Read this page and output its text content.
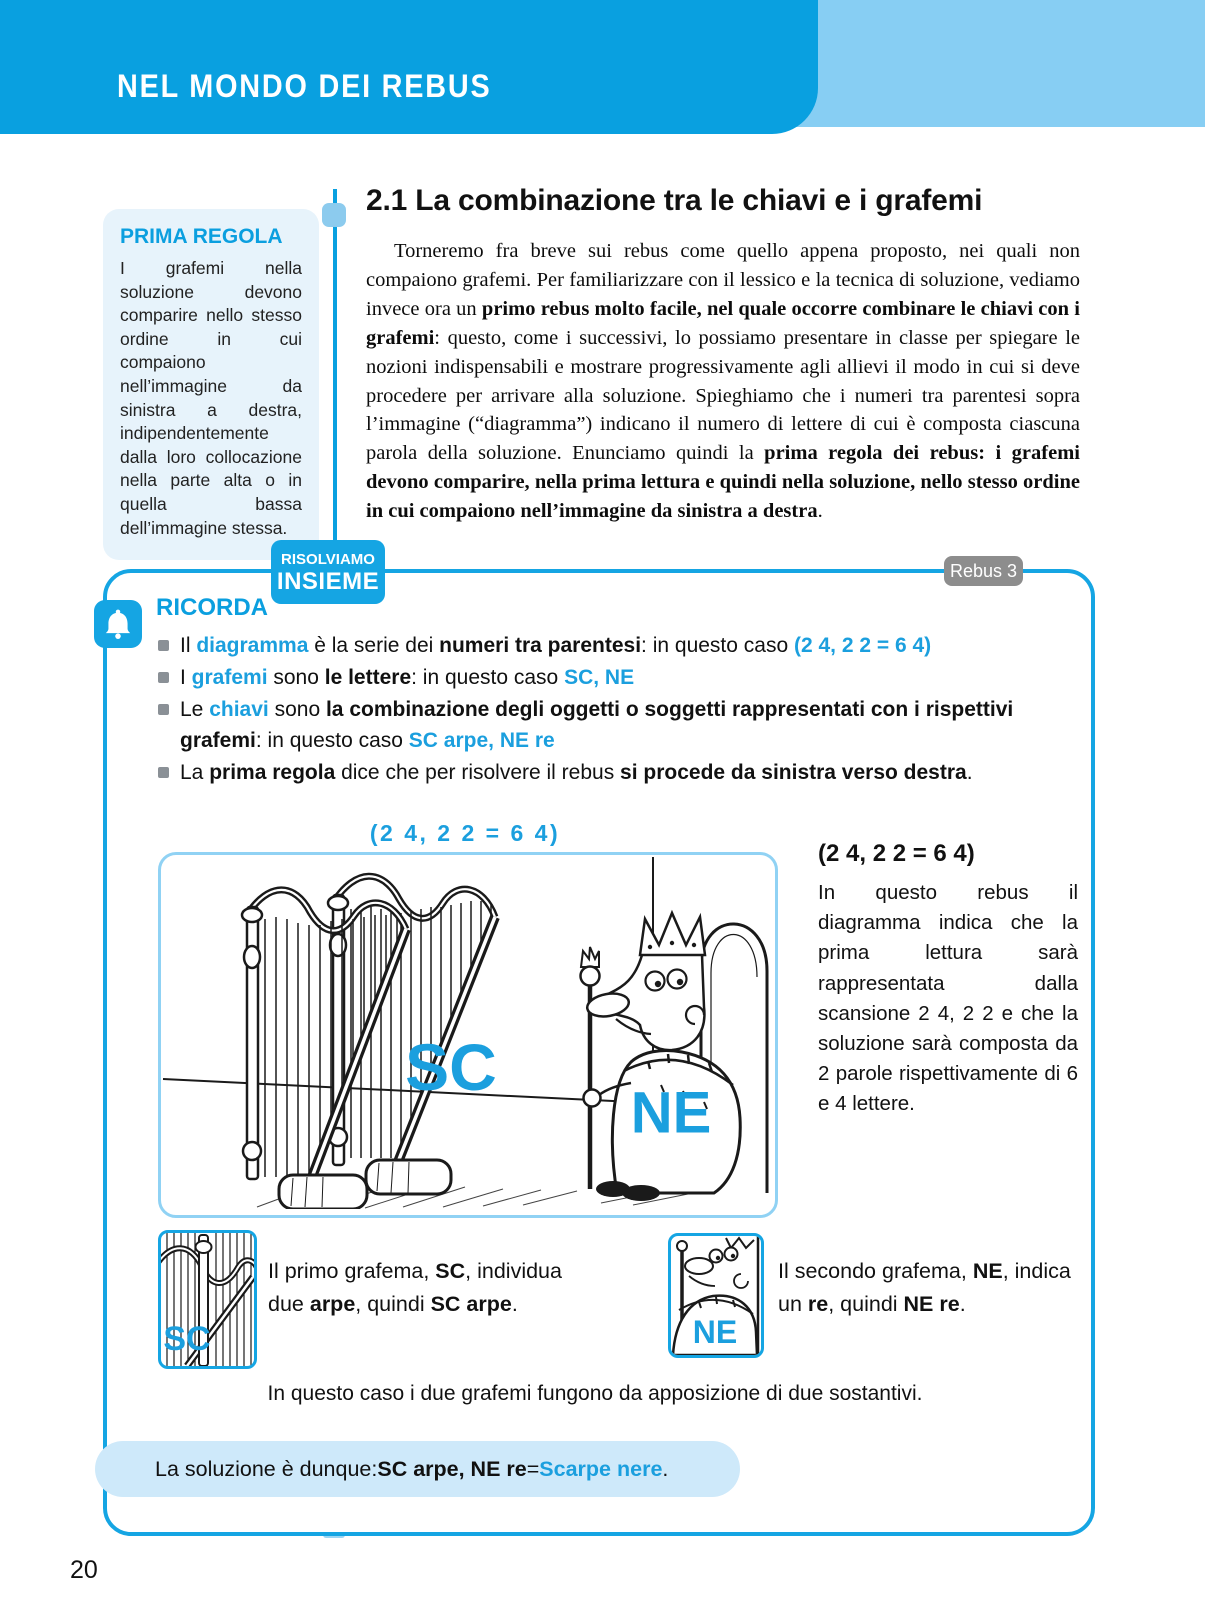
NEL MONDO DEI REBUS
2.1 La combinazione tra le chiavi e i grafemi
PRIMA REGOLA
I grafemi nella soluzione devono comparire nello stesso ordine in cui compaiono nell’immagine da sinistra a destra, indipendentemente dalla loro collocazione nella parte alta o in quella bassa dell’immagine stessa.

Torneremo fra breve sui rebus come quello appena proposto, nei quali non compaiono grafemi. Per familiarizzare con il lessico e la tecnica di soluzione, vediamo invece ora un primo rebus molto facile, nel quale occorre combinare le chiavi con i grafemi: questo, come i successivi, lo possiamo presentare in classe per spiegare le nozioni indispensabili e mostrare progressivamente agli allievi il modo in cui si deve procedere per arrivare alla soluzione. Spieghiamo che i numeri tra parentesi sopra l’immagine (“diagramma”) indicano il numero di lettere di cui è composta ciascuna parola della soluzione. Enunciamo quindi la prima regola dei rebus: i grafemi devono comparire, nella prima lettura e quindi nella soluzione, nello stesso ordine in cui compaiono nell’immagine da sinistra a destra.

RISOLVIAMO
INSIEME	Rebus 3
RICORDA
Il diagramma è la serie dei numeri tra parentesi: in questo caso (2 4, 2 2 = 6 4)
I grafemi sono le lettere: in questo caso SC, NE
Le chiavi sono la combinazione degli oggetti o soggetti rappresentati con i rispettivi grafemi: in questo caso SC arpe, NE re
La prima regola dice che per risolvere il rebus si procede da sinistra verso destra.
(2 4, 2 2 = 6 4)
SC
NE
(2 4, 2 2 = 6 4)
In questo rebus il diagramma indica che la prima lettura sarà rappresentata dalla scansione 2 4, 2 2 e che la soluzione sarà composta da 2 parole rispettivamente di 6 e 4 lettere.
SC

Il primo grafema, SC, individua due arpe, quindi SC arpe.

NE

Il secondo grafema, NE, indica un re, quindi NE re.

In questo caso i due grafemi fungono da apposizione di due sostantivi.
La soluzione è dunque: SC arpe, NE re = Scarpe nere .
20
